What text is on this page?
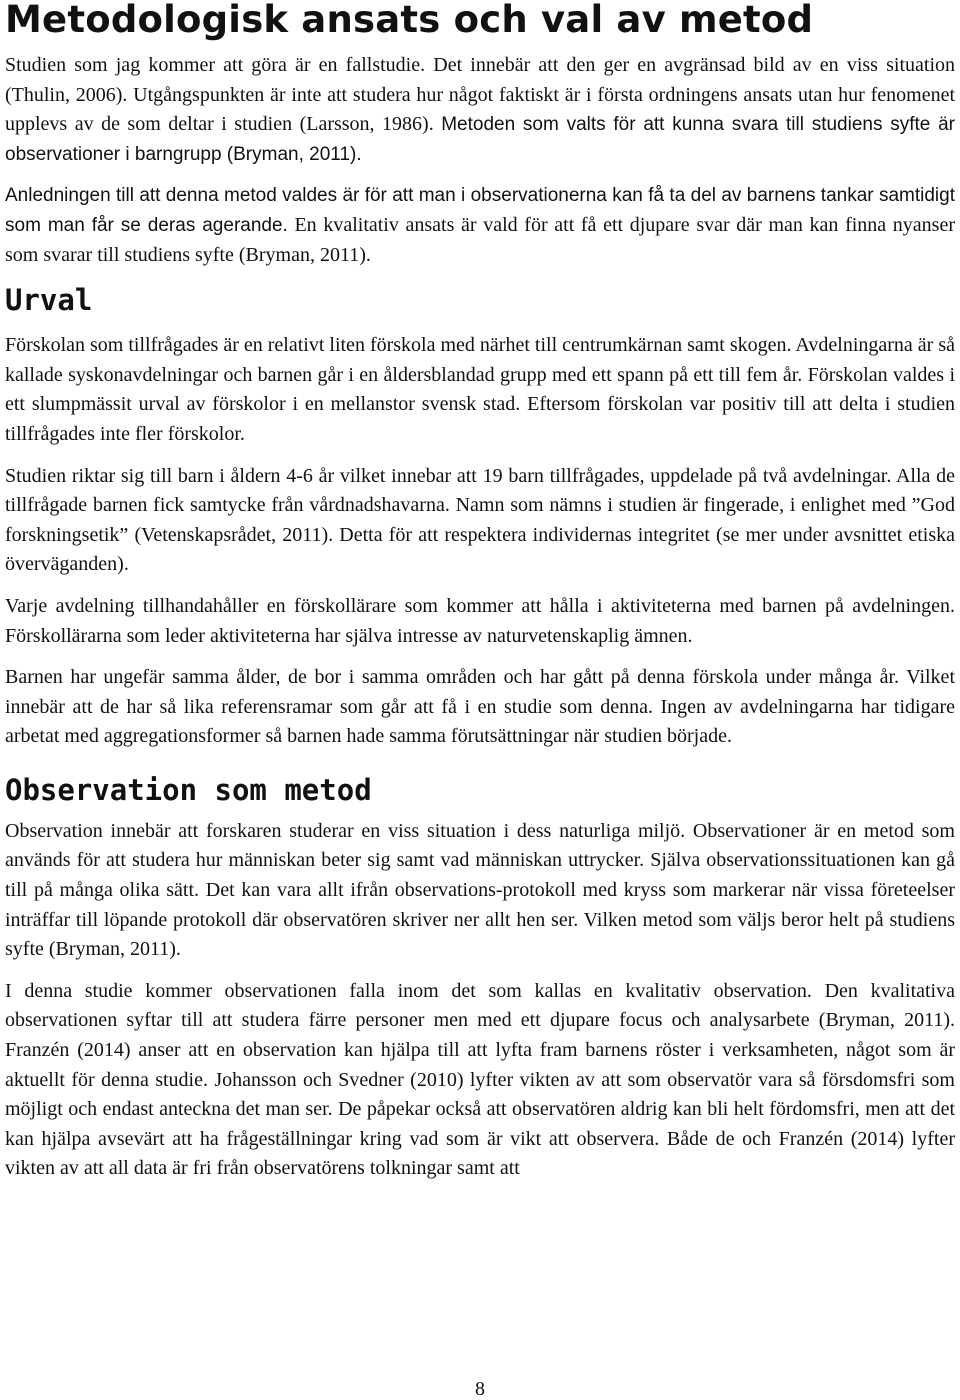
Metodologisk ansats och val av metod

Studien som jag kommer att göra är en fallstudie. Det innebär att den ger en avgränsad bild av en viss situation (Thulin, 2006). Utgångspunkten är inte att studera hur något faktiskt är i första ordningens ansats utan hur fenomenet upplevs av de som deltar i studien (Larsson, 1986). Metoden som valts för att kunna svara till studiens syfte är observationer i barngrupp (Bryman, 2011).

Anledningen till att denna metod valdes är för att man i observationerna kan få ta del av barnens tankar samtidigt som man får se deras agerande. En kvalitativ ansats är vald för att få ett djupare svar där man kan finna nyanser som svarar till studiens syfte (Bryman, 2011).

Urval

Förskolan som tillfrågades är en relativt liten förskola med närhet till centrumkärnan samt skogen. Avdelningarna är så kallade syskonavdelningar och barnen går i en åldersblandad grupp med ett spann på ett till fem år. Förskolan valdes i ett slumpmässit urval av förskolor i en mellanstor svensk stad. Eftersom förskolan var positiv till att delta i studien tillfrågades inte fler förskolor.

Studien riktar sig till barn i åldern 4-6 år vilket innebar att 19 barn tillfrågades, uppdelade på två avdelningar. Alla de tillfrågade barnen fick samtycke från vårdnadshavarna. Namn som nämns i studien är fingerade, i enlighet med ”God forskningsetik” (Vetenskapsrådet, 2011). Detta för att respektera individernas integritet (se mer under avsnittet etiska överväganden).

Varje avdelning tillhandahåller en förskollärare som kommer att hålla i aktiviteterna med barnen på avdelningen. Förskollärarna som leder aktiviteterna har själva intresse av naturvetenskaplig ämnen.

Barnen har ungefär samma ålder, de bor i samma områden och har gått på denna förskola under många år. Vilket innebär att de har så lika referensramar som går att få i en studie som denna. Ingen av avdelningarna har tidigare arbetat med aggregationsformer så barnen hade samma förutsättningar när studien började.

Observation som metod

Observation innebär att forskaren studerar en viss situation i dess naturliga miljö. Observationer är en metod som används för att studera hur människan beter sig samt vad människan uttrycker. Själva observationssituationen kan gå till på många olika sätt. Det kan vara allt ifrån observations-protokoll med kryss som markerar när vissa företeelser inträffar till löpande protokoll där observatören skriver ner allt hen ser. Vilken metod som väljs beror helt på studiens syfte (Bryman, 2011).

I denna studie kommer observationen falla inom det som kallas en kvalitativ observation. Den kvalitativa observationen syftar till att studera färre personer men med ett djupare focus och analysarbete (Bryman, 2011). Franzén (2014) anser att en observation kan hjälpa till att lyfta fram barnens röster i verksamheten, något som är aktuellt för denna studie. Johansson och Svedner (2010) lyfter vikten av att som observatör vara så försdomsfri som möjligt och endast anteckna det man ser. De påpekar också att observatören aldrig kan bli helt fördomsfri, men att det kan hjälpa avsevärt att ha frågeställningar kring vad som är vikt att observera. Både de och Franzén (2014) lyfter vikten av att all data är fri från observatörens tolkningar samt att

8
